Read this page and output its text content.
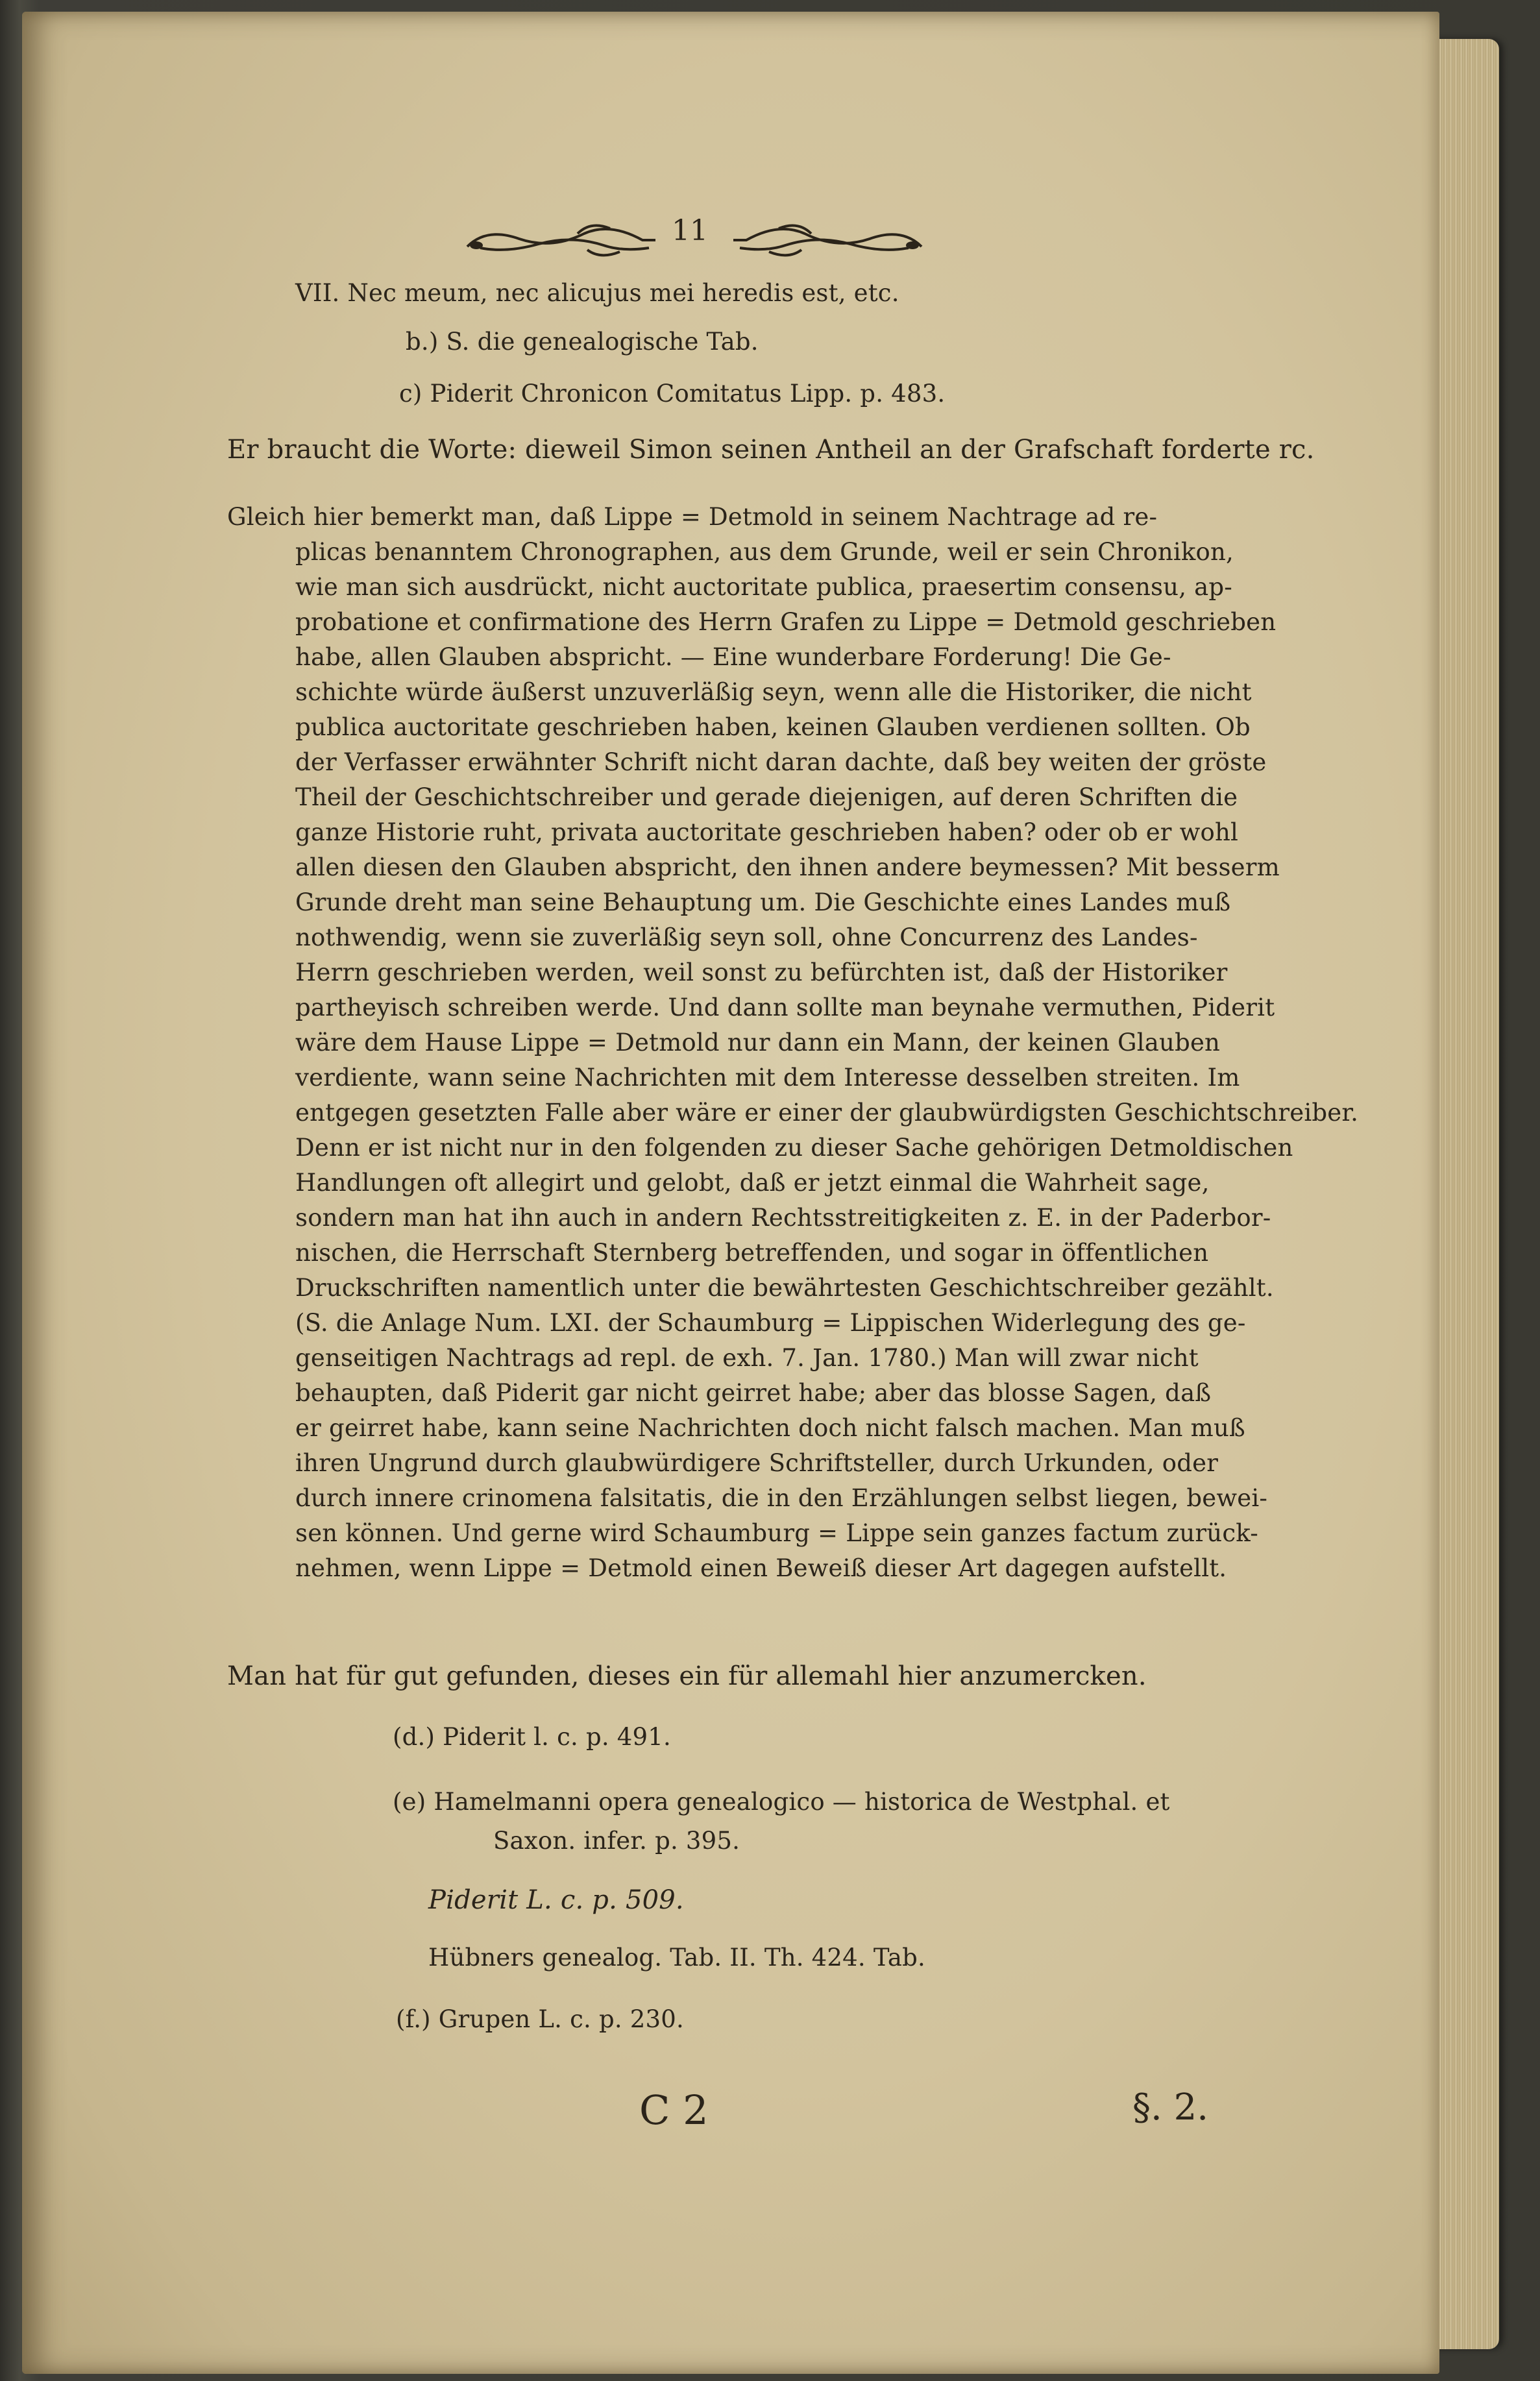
11
VII. Nec meum, nec alicujus mei heredis est, etc.
b.) S. die genealogische Tab.
c) Piderit Chronicon Comitatus Lipp. p. 483.
Er braucht die Worte: dieweil Simon seinen Antheil an der Grafschaft forderte rc.
Gleich hier bemerkt man, daß Lippe = Detmold in seinem Nachtrage ad re-
plicas benanntem Chronographen, aus dem Grunde, weil er sein Chronikon,
wie man sich ausdrückt, nicht auctoritate publica, praesertim consensu, ap-
probatione et confirmatione des Herrn Grafen zu Lippe = Detmold geschrieben
habe, allen Glauben abspricht. — Eine wunderbare Forderung! Die Ge-
schichte würde äußerst unzuverläßig seyn, wenn alle die Historiker, die nicht
publica auctoritate geschrieben haben, keinen Glauben verdienen sollten. Ob
der Verfasser erwähnter Schrift nicht daran dachte, daß bey weiten der gröste
Theil der Geschichtschreiber und gerade diejenigen, auf deren Schriften die
ganze Historie ruht, privata auctoritate geschrieben haben? oder ob er wohl
allen diesen den Glauben abspricht, den ihnen andere beymessen? Mit besserm
Grunde dreht man seine Behauptung um. Die Geschichte eines Landes muß
nothwendig, wenn sie zuverläßig seyn soll, ohne Concurrenz des Landes-
Herrn geschrieben werden, weil sonst zu befürchten ist, daß der Historiker
partheyisch schreiben werde. Und dann sollte man beynahe vermuthen, Piderit
wäre dem Hause Lippe = Detmold nur dann ein Mann, der keinen Glauben
verdiente, wann seine Nachrichten mit dem Interesse desselben streiten. Im
entgegen gesetzten Falle aber wäre er einer der glaubwürdigsten Geschichtschreiber.
Denn er ist nicht nur in den folgenden zu dieser Sache gehörigen Detmoldischen
Handlungen oft allegirt und gelobt, daß er jetzt einmal die Wahrheit sage,
sondern man hat ihn auch in andern Rechtsstreitigkeiten z. E. in der Paderbor-
nischen, die Herrschaft Sternberg betreffenden, und sogar in öffentlichen
Druckschriften namentlich unter die bewährtesten Geschichtschreiber gezählt.
(S. die Anlage Num. LXI. der Schaumburg = Lippischen Widerlegung des ge-
genseitigen Nachtrags ad repl. de exh. 7. Jan. 1780.) Man will zwar nicht
behaupten, daß Piderit gar nicht geirret habe; aber das blosse Sagen, daß
er geirret habe, kann seine Nachrichten doch nicht falsch machen. Man muß
ihren Ungrund durch glaubwürdigere Schriftsteller, durch Urkunden, oder
durch innere crinomena falsitatis, die in den Erzählungen selbst liegen, bewei-
sen können. Und gerne wird Schaumburg = Lippe sein ganzes factum zurück-
nehmen, wenn Lippe = Detmold einen Beweiß dieser Art dagegen aufstellt.
Man hat für gut gefunden, dieses ein für allemahl hier anzumercken.
(d.) Piderit l. c. p. 491.
(e) Hamelmanni opera genealogico — historica de Westphal. et
Saxon. infer. p. 395.
Piderit L. c. p. 509.
Hübners genealog. Tab. II. Th. 424. Tab.
(f.) Grupen L. c. p. 230.
C 2	§. 2.
